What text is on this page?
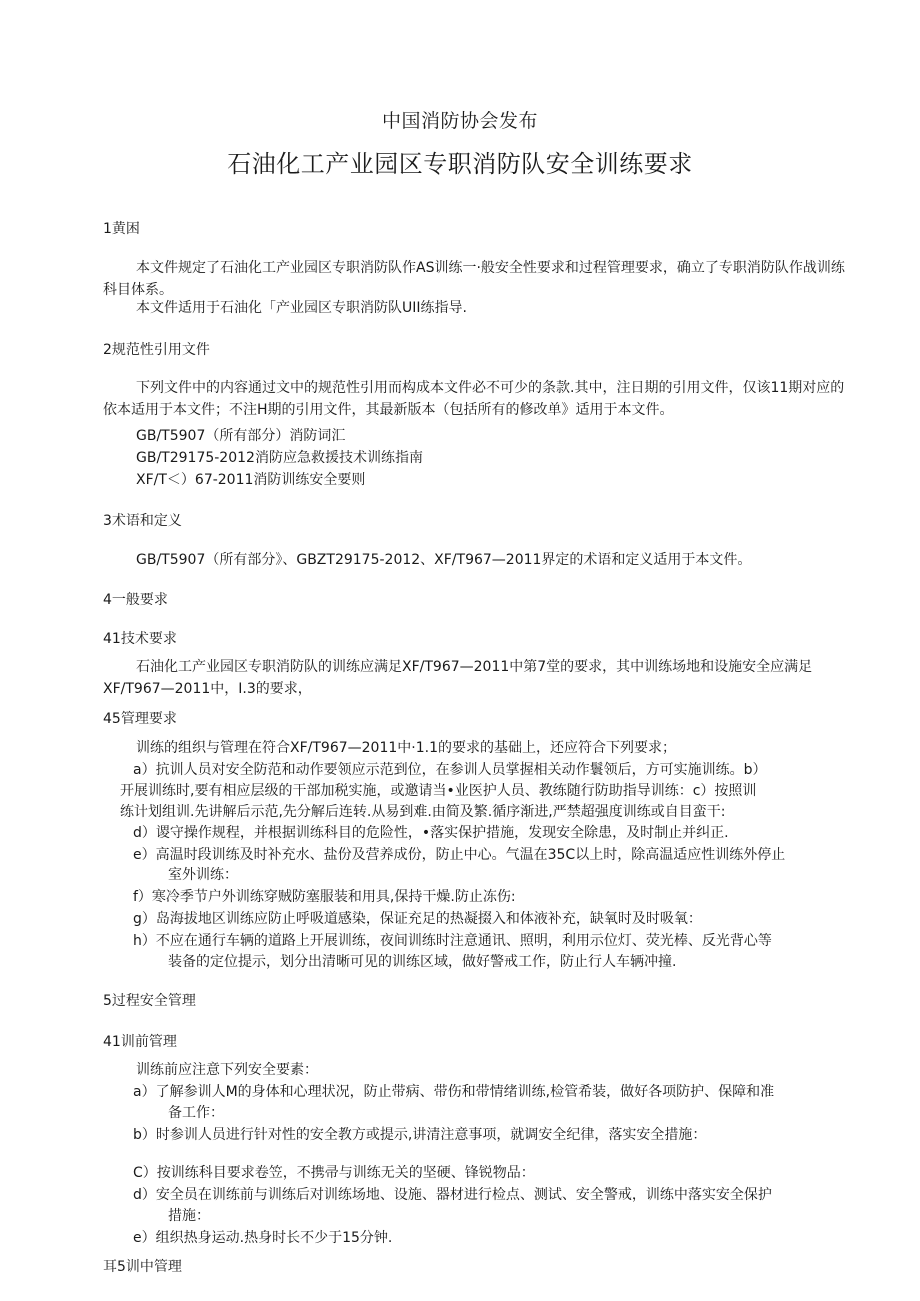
中国消防协会发布
石油化工产业园区专职消防队安全训练要求
1黄困
本文件规定了石油化工产业园区专职消防队作AS训练一·般安全性要求和过程管理要求，确立了专职消防队作战训练科目体系。
本文件适用于石油化「产业园区专职消防队UII练指导.
2规范性引用文件
下列文件中的内容通过文中的规范性引用而构成本文件必不可少的条款.其中，注日期的引用文件，仅该11期对应的依本适用于本文件；不注H期的引用文件，其最新版本（包括所有的修改单》适用于本文件。
GB/T5907（所有部分）消防词汇
GB/T29175-2012消防应急救援技术训练指南
XF/T＜）67-2011消防训练安全要则
3术语和定义
GB/T5907（所有部分》、GBZT29175-2012、XF/T967—2011界定的术语和定义适用于本文件。
4一般要求
41技术要求
石油化工产业园区专职消防队的训练应满足XF/T967—2011中第7堂的要求，其中训练场地和设施安全应满足XF/T967—2011中，I.3的要求，
45管理要求
训练的组织与管理在符合XF/T967—2011中·1.1的要求的基础上，还应符合下列要求；
a）抗训人员对安全防范和动作要领应示范到位，在参训人员掌握相关动作鬟领后，方可实施训练。b）
开展训练时,要有相应层级的干部加税实施，或邀请当•业医护人员、教练随行防助指导训练：c）按照训
练计划组训.先讲解后示范,先分解后连转.从易到难.由简及繁.循序渐进,严禁超强度训练或自目蛮干:
d）谡守操作规程，并根据训练科目的危险性，•落实保护措施，发现安全除患，及时制止并纠正.
e）高温时段训练及时补充水、盐份及营养成份，防止中心。气温在35C以上时，除高温适应性训练外停止
室外训练：
f）寒冷季节户外训练穿贼防塞服装和用具,保持干燥.防止冻伤:
g）岛海拔地区训练应防止呼吸道感染，保证充足的热凝掇入和体液补充，缺氧时及时吸氧：
h）不应在通行车辆的道路上开展训练，夜间训练时注意通讯、照明，利用示位灯、荧光棒、反光背心等
装备的定位提示，划分出清晰可见的训练区域，做好警戒工作，防止行人车辆冲撞.
5过程安全管理
41训前管理
训练前应注意下列安全要素：
a）了解参训人M的身体和心理状况，防止带病、带伤和带情绪训练,检管希装，做好各项防护、保障和准
备工作：
b）时参训人员进行针对性的安全教方或提示,讲清注意事项，就调安全纪律，落实安全措施：
C）按训练科目要求卷笠，不携帚与训练无关的坚硬、锋锐物品：
d）安全员在训练前与训练后对训练场地、设施、器材进行检点、测试、安全警戒，训练中落实安全保护
措施：
e）组织热身运动.热身时长不少于15分钟.
耳5训中管理
